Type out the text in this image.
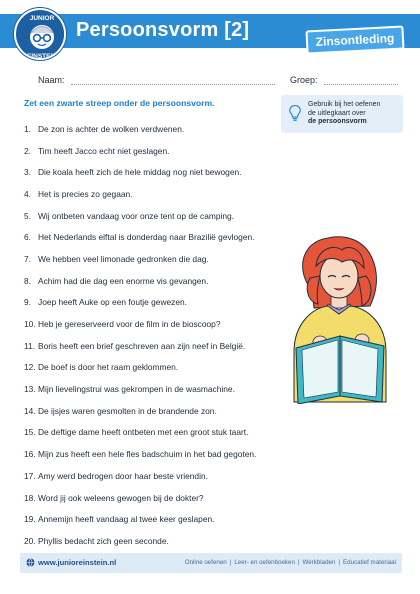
JUNIOR
EINSTEIN
Persoonsvorm [2]	Zinsontleding
Naam:	Groep:
Zet een zwarte streep onder de persoonsvorm.	Gebruik bij het oefenen
de uitlegkaart over
de persoonsvorm
1. De zon is achter de wolken verdwenen.
2. Tim heeft Jacco echt niet geslagen.
3. Die koala heeft zich de hele middag nog niet bewogen.
4. Het is precies zo gegaan.
5. Wij ontbeten vandaag voor onze tent op de camping.
6. Het Nederlands elftal is donderdag naar Brazilië gevlogen.
7. We hebben veel limonade gedronken die dag.
8. Achim had die dag een enorme vis gevangen.
9. Joep heeft Auke op een foutje gewezen.
10. Heb je gereserveerd voor de film in de bioscoop?
11. Boris heeft een brief geschreven aan zijn neef in België.
12. De boef is door het raam geklommen.
13. Mijn lievelingstrui was gekrompen in de wasmachine.
14. De ijsjes waren gesmolten in de brandende zon.
15. De deftige dame heeft ontbeten met een groot stuk taart.
16. Mijn zus heeft een hele fles badschuim in het bad gegoten.
17. Amy werd bedrogen door haar beste vriendin.
18. Word jij ook weleens gewogen bij de dokter?
19. Annemijn heeft vandaag al twee keer geslapen.
20. Phyllis bedacht zich geen seconde.
www.junioreinstein.nl	Online oefenen | Leer- en oefenboeken | Werkbladen | Educatief materiaal
